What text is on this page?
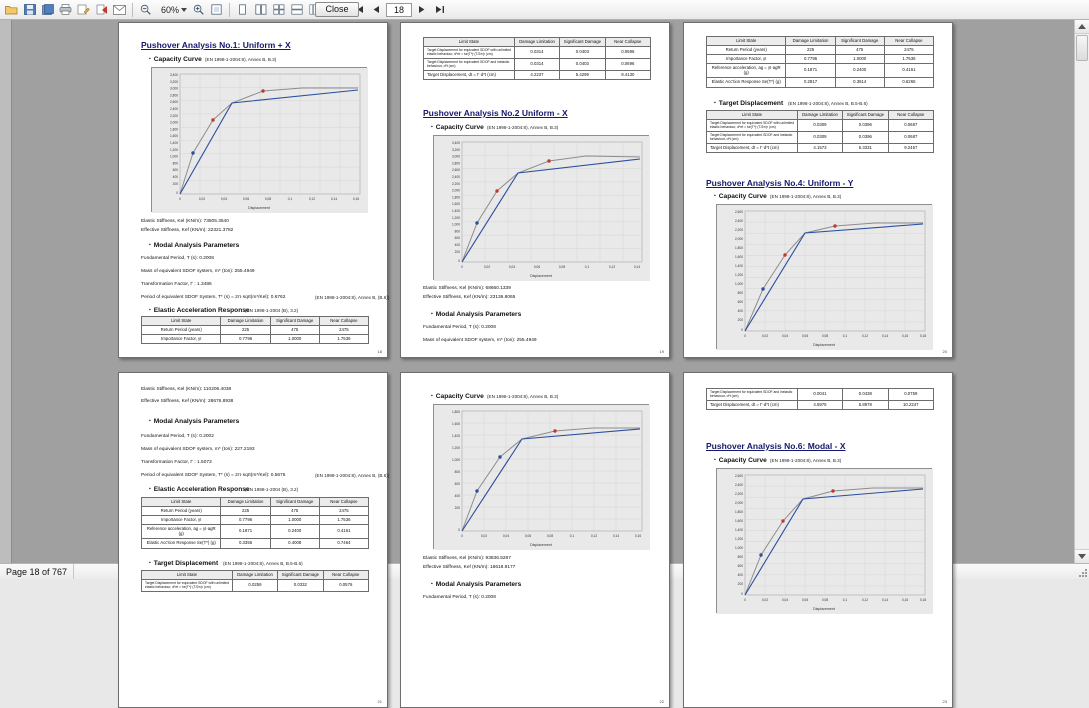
60%	18
Close
Pushover Analysis No.1: Uniform + X
▪ Capacity Curve (EN 1998-1-2004:8), Annex B, B.3)
3,400
3,200
3,000
2,800
2,600
2,400
2,200
2,000
1,800
1,600
1,400
1,200
1,000
800
600
400
200
0
0	0,02	0,04	0,06	0,08	0,1	0,12	0,14	0,16
Displacement
Elastic Stiffness, Kel (KN/m): 73505.3540
Effective Stiffness, Kef (KN/m): 22321.3782
▪ Modal Analysis Parameters
Fundamental Period, T (s): 0.2008
Mass of equivalent SDOF system, m* (ton): 255.4949
Transformation Factor, Γ : 1.3486
Period of equivalent SDOF System, T* (s) = 2π·sqrt(m*/Kel): 0.6762	(EN 1998-1-2004:8), Annex B, (B.6))
▪ Elastic Acceleration Response
(EN 1998-1-2004 (B), 3.2)
Limit State	Damage Limitation	Significant Damage	Near Collapse
Return Period (years)	225	475	2475
Importance Factor, γI	0.7796	1.0000	1.7536
18
Limit State	Damage Limitation	Significant Damage	Near Collapse
Target Displacement for equivalent SDOF with unlimited elastic behaviour, d*et = ṡe(T*)·(T/2π)² (cm)	0.0314	0.0403	0.0696
Target Displacement for equivalent SDOF and inelastic behaviour, d*t (cm)	0.0314	0.0403	0.0696
Target Displacement, dt = Γ·d*t (cm)	4.2237	5.4299	9.4130
Pushover Analysis No.2 Uniform - X
▪ Capacity Curve (EN 1998-1-2004:8), Annex B, B.3)
3,400
3,200
3,000
2,800
2,600
2,400
2,200
2,000
1,800
1,600
1,400
1,200
1,000
800
600
400
200
0
0	0,02	0,04	0,06	0,08	0,1	0,12	0,14
Displacement
Elastic Stiffness, Kel (KN/m): 68660.1339
Effective Stiffness, Kef (KN/m): 23136.8065
▪ Modal Analysis Parameters
Fundamental Period, T (s): 0.2008
Mass of equivalent SDOF system, m* (ton): 255.4949
19
Limit State	Damage Limitation	Significant Damage	Near Collapse
Return Period (years)	225	475	2475
Importance Factor, γI	0.7796	1.0000	1.7536
Reference acceleration, ag = γI·agR (g)	0.1871	0.2400	0.4161
Elastic Acc'tion Response Se(T*) (g)	0.2817	0.3614	0.6265
▪ Target Displacement (EN 1998-1-2004:8), Annex B, B.5-B.6)
Limit State	Damage Limitation	Significant Damage	Near Collapse
Target Displacement for equivalent SDOF with unlimited elastic behaviour, d*et = ṡe(T*)·(T/2π)² (cm)	0.0309	0.0396	0.0687
Target Displacement for equivalent SDOF and inelastic behaviour, d*t (cm)	0.0309	0.0396	0.0687
Target Displacement, dt = Γ·d*t (cm)	4.1573	5.3331	9.2457
Pushover Analysis No.4: Uniform - Y
▪ Capacity Curve (EN 1998-1-2004:8), Annex B, B.3)
2,600
2,400
2,200
2,000
1,800
1,600
1,400
1,200
1,000
800
600
400
200
0
0	0,02	0,04	0,06	0,08	0,1	0,12	0,14	0,16	0,18
Displacement
20
Elastic Stiffness, Kel (KN/m): 110206.4038
Effective Stiffness, Kef (KN/m): 28676.8938
▪ Modal Analysis Parameters
Fundamental Period, T (s): 0.2002
Mass of equivalent SDOF system, m* (ton): 227.2193
Transformation Factor, Γ : 1.5073
Period of equivalent SDOF System, T* (s) = 2π·sqrt(m*/Kel): 0.5675	(EN 1998-1-2004:8), Annex B, (B.6))
▪ Elastic Acceleration Response
(EN 1998-1-2004 (B), 3.2)
Limit State	Damage Limitation	Significant Damage	Near Collapse
Return Period (years)	225	475	2475
Importance Factor, γI	0.7796	1.0000	1.7536
Reference acceleration, ag = γI·agR (g)	0.1871	0.2400	0.4161
Elastic Acc'tion Response Se(T*) (g)	0.3356	0.4008	0.7464
▪ Target Displacement (EN 1998-1-2004:8), Annex B, B.5-B.6)
Limit State	Damage Limitation	Significant Damage	Near Collapse
Target Displacement for equivalent SDOF with unlimited elastic behaviour, d*et = ṡe(T*)·(T/2π)² (cm)	0.0259	0.0332	0.0576
21
▪ Capacity Curve (EN 1998-1-2004:8), Annex B, B.3)
1,800
1,600
1,400
1,200
1,000
800
600
400
200
0
0	0,02	0,04	0,06	0,08	0,1	0,12	0,14	0,16
Displacement
Elastic Stiffness, Kel (KN/m): 93836.5287
Effective Stiffness, Kef (KN/m): 18618.9177
▪ Modal Analysis Parameters
Fundamental Period, T (s): 0.2008
22
Target Displacement for equivalent SDOF and inelastic behaviour, d*t (cm)	0.0041	0.0438	0.0759
Target Displacement, dt = Γ·d*t (cm)	4.5975	5.8978	10.2247
Pushover Analysis No.6: Modal - X
▪ Capacity Curve (EN 1998-1-2004:8), Annex B, B.3)
2,600
2,400
2,200
2,000
1,800
1,600
1,400
1,200
1,000
800
600
400
200
0
0	0,02	0,04	0,06	0,08	0,1	0,12	0,14	0,16	0,18
Displacement
23
Page 18 of 767
